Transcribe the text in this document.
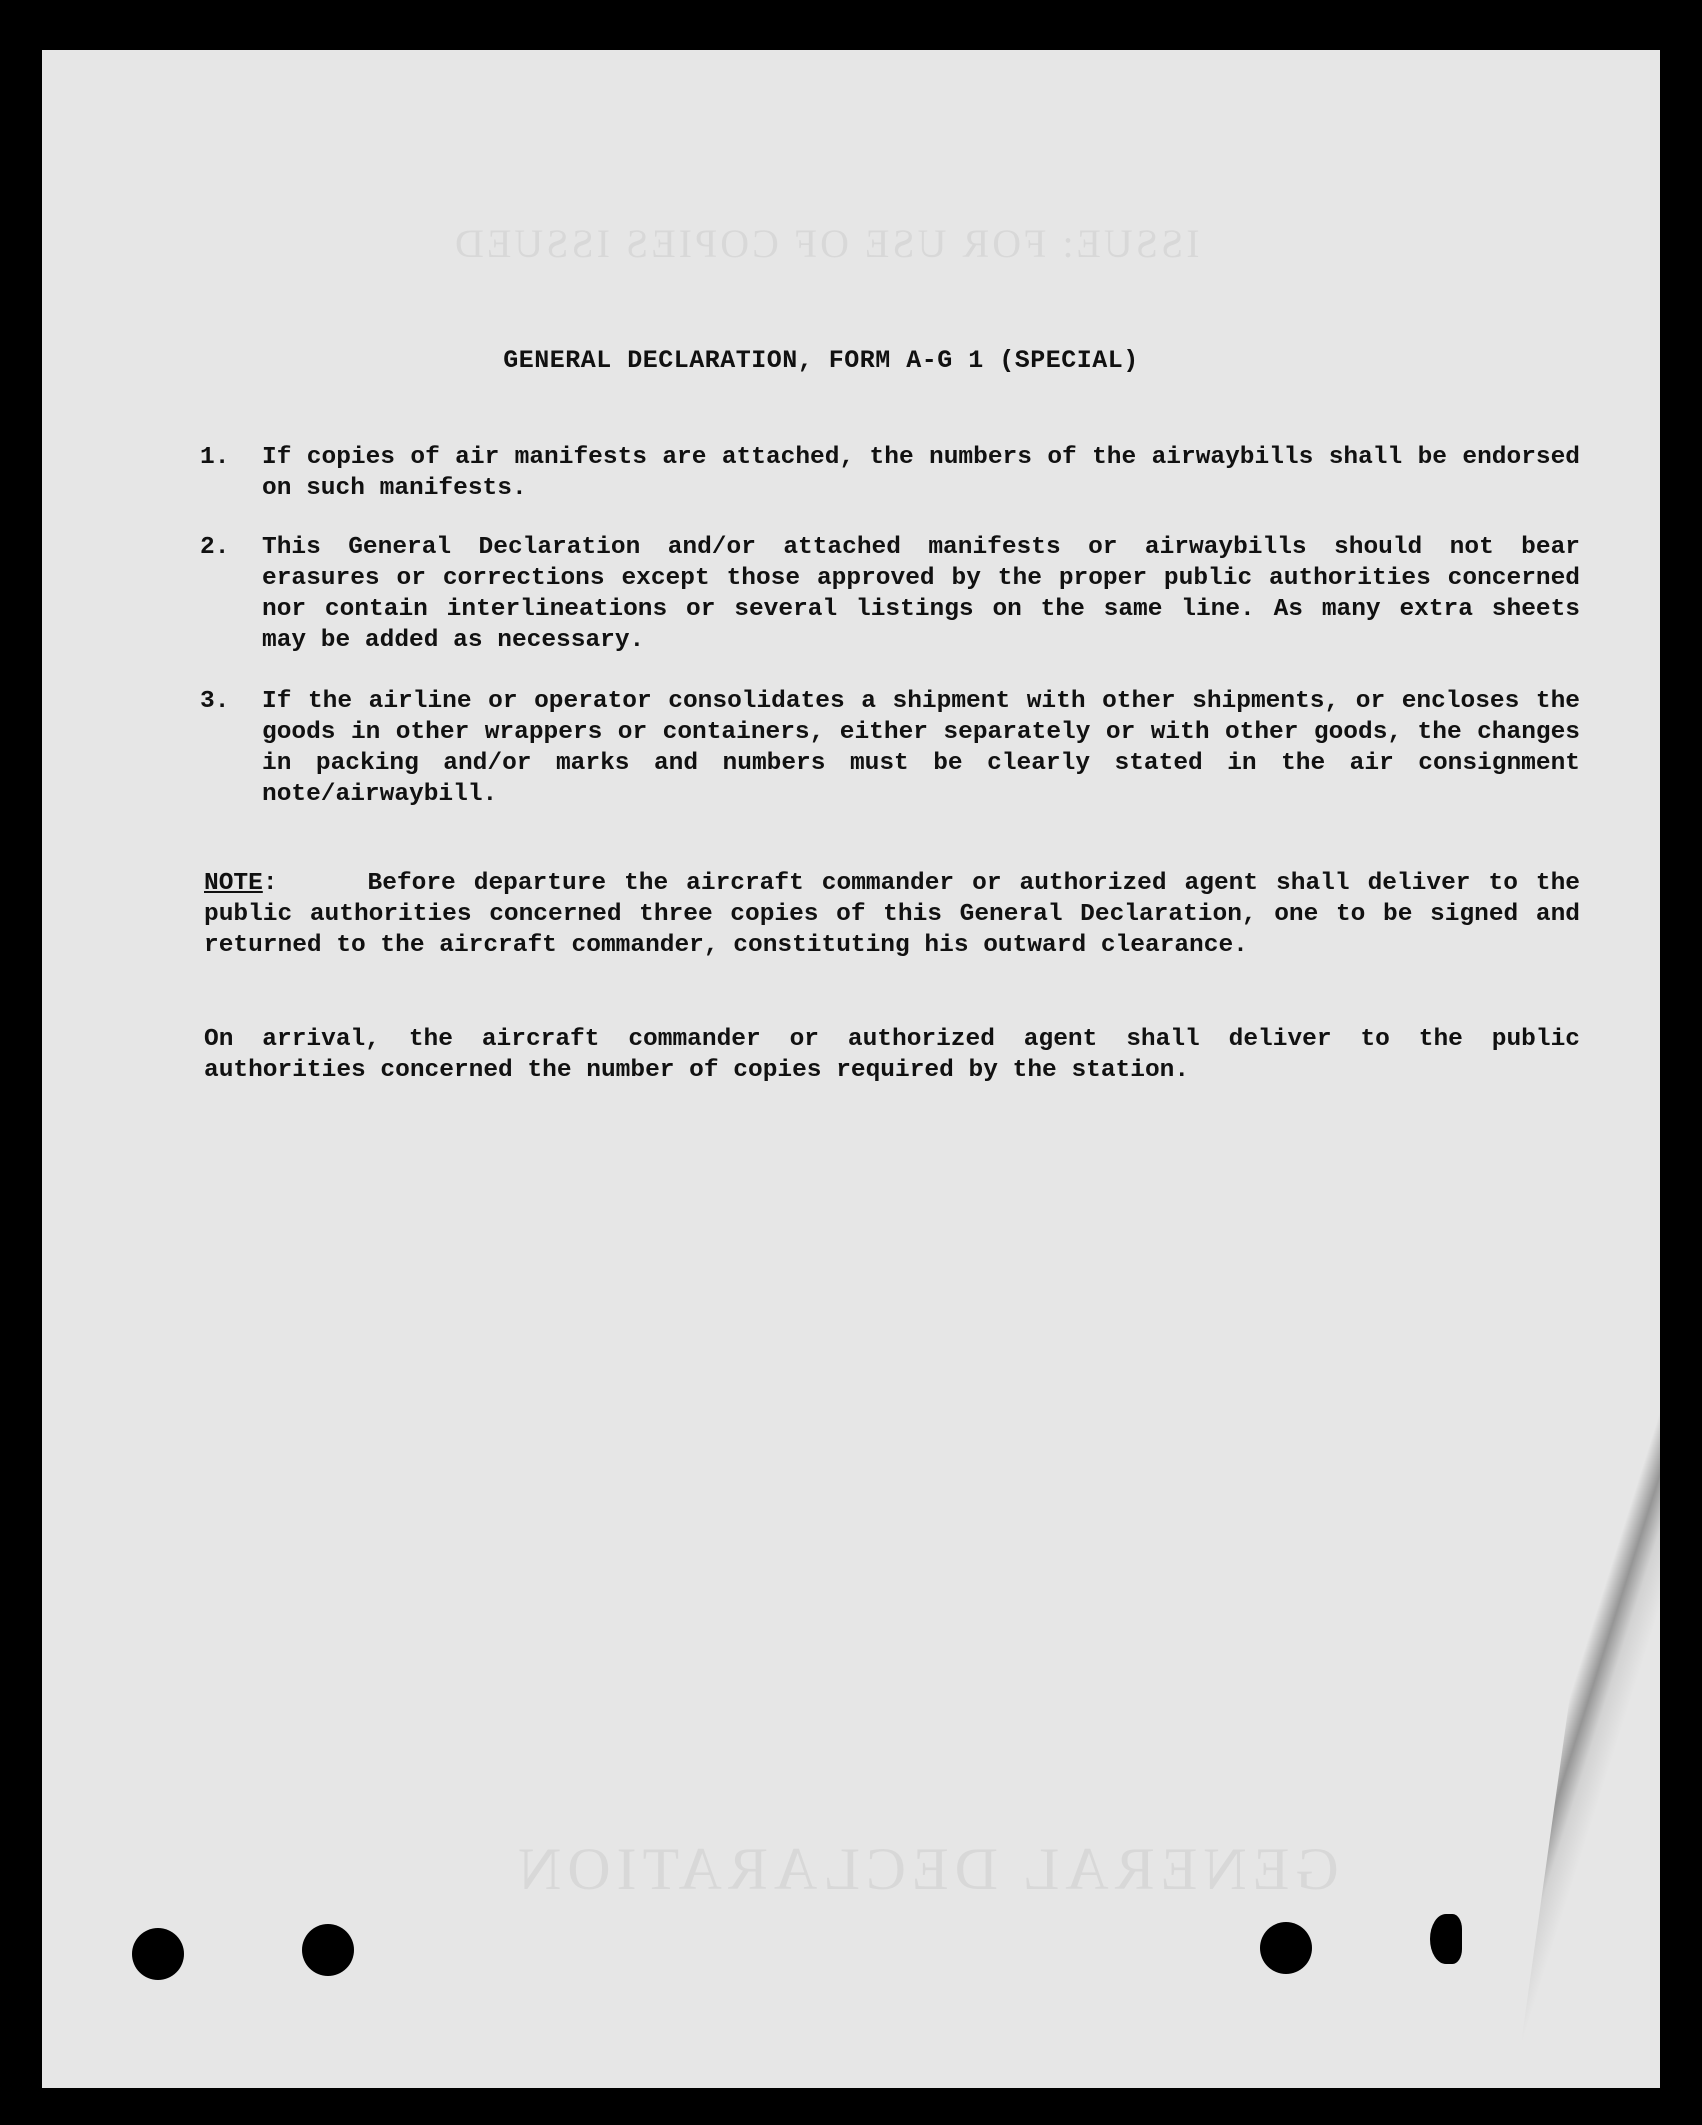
ISSUE: FOR USE OF COPIES ISSUED
GENERAL DECLARATION
GENERAL DECLARATION, FORM A-G 1 (SPECIAL)
1. If copies of air manifests are attached, the numbers of the airwaybills shall be endorsed on such manifests.
2. This General Declaration and/or attached manifests or airwaybills should not bear erasures or corrections except those approved by the proper public authorities concerned nor contain interlineations or several listings on the same line. As many extra sheets may be added as necessary.
3. If the airline or operator consolidates a shipment with other shipments, or encloses the goods in other wrappers or containers, either separately or with other goods, the changes in packing and/or marks and numbers must be clearly stated in the air consignment note/airwaybill.
NOTE:     Before departure the aircraft commander or authorized agent shall deliver to the public authorities concerned three copies of this General Declaration, one to be signed and returned to the aircraft commander, constituting his outward clearance.
On arrival, the aircraft commander or authorized agent shall deliver to the public authorities concerned the number of copies required by the station.
